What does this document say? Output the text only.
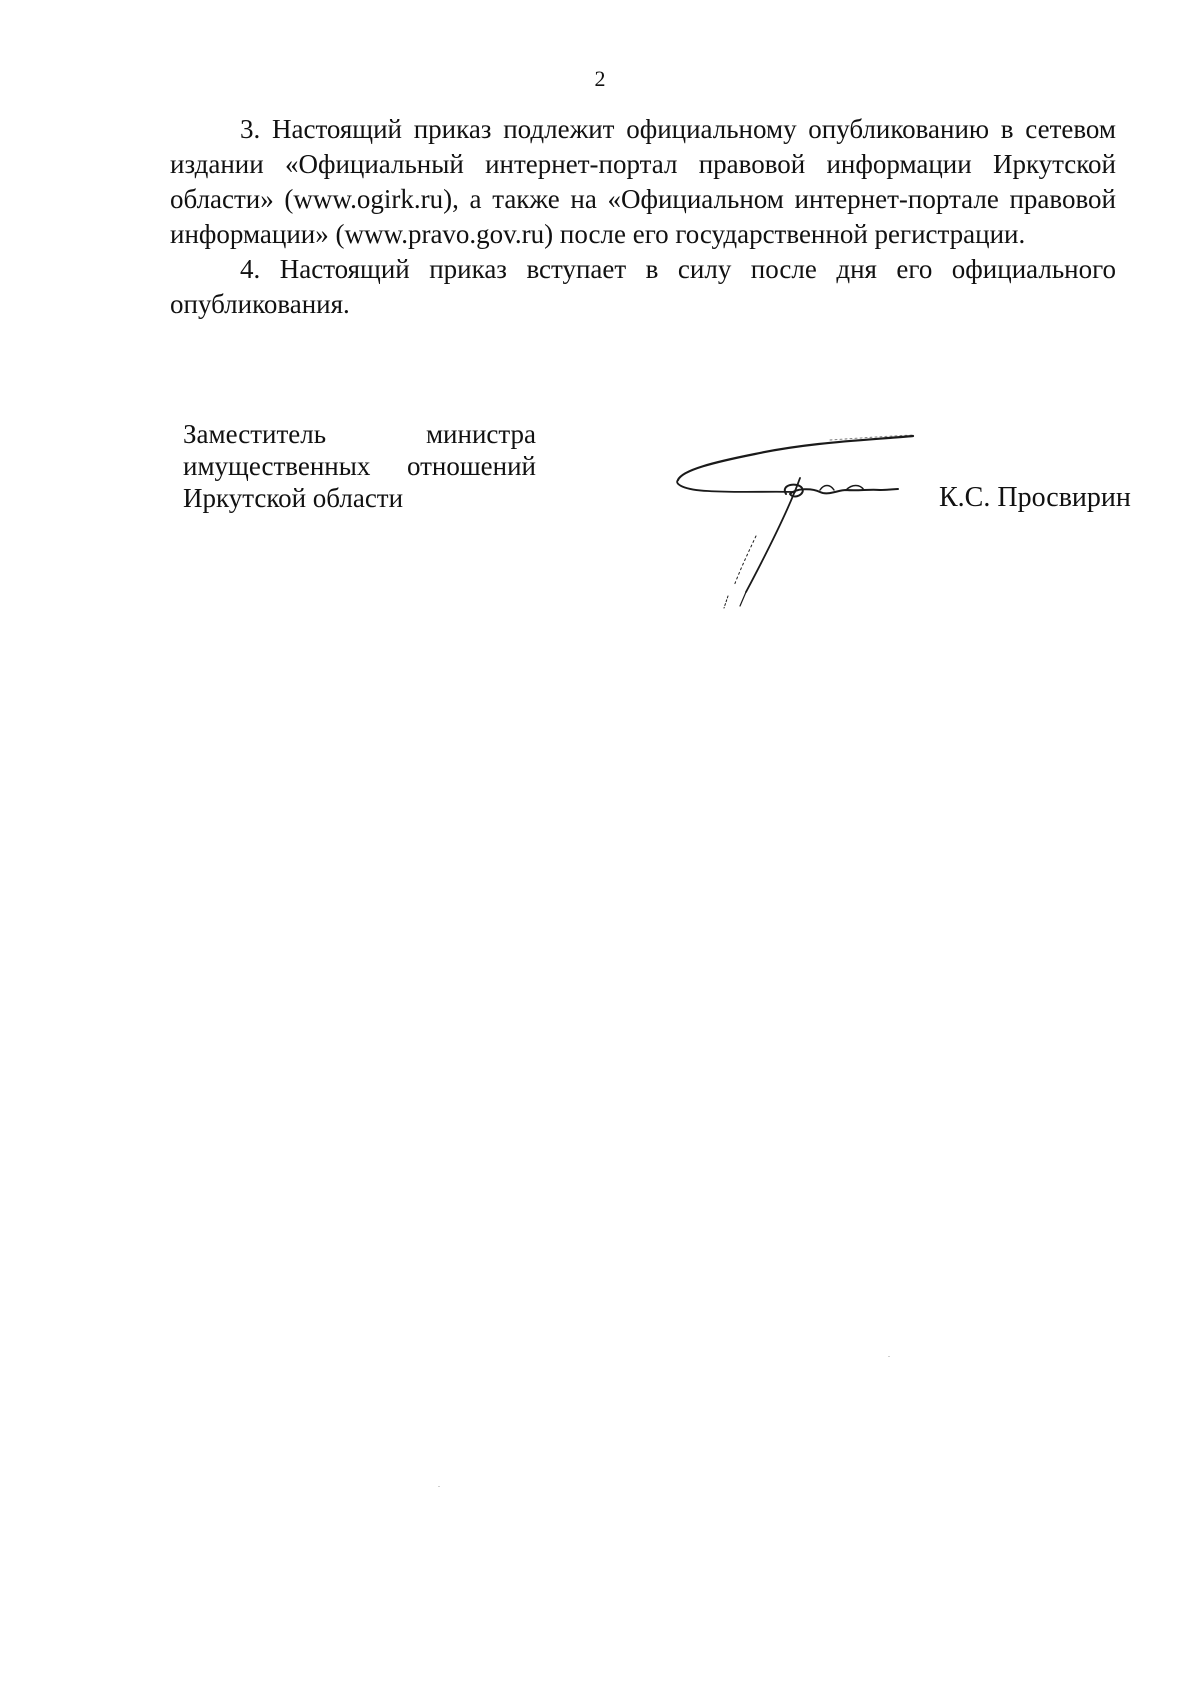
2

3. Настоящий приказ подлежит официальному опубликованию в сетевом издании «Официальный интернет-портал правовой информации Иркутской области» (www.ogirk.ru), а также на «Официальном интернет-портале правовой информации» (www.pravo.gov.ru) после его государственной регистрации.

4. Настоящий приказ вступает в силу после дня его официального опубликования.

Заместитель министра
имущественных отношений
Иркутской области	К.С. Просвирин
